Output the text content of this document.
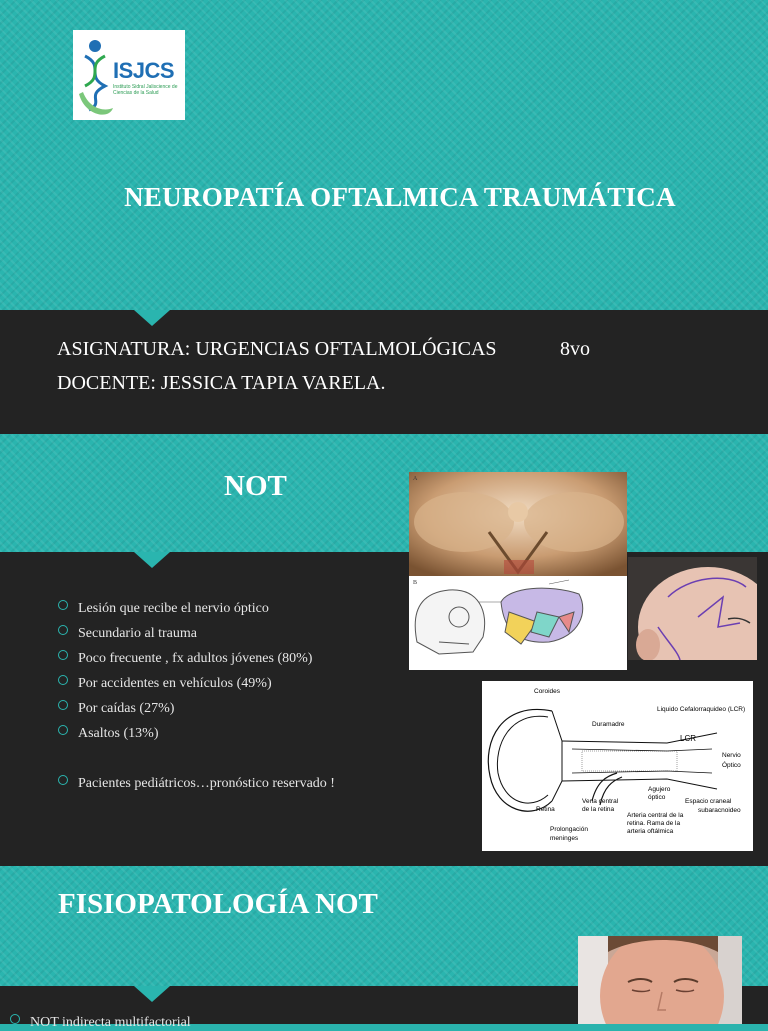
ISJCS
Instituto Sidral Jaliscience de Ciencias de la Salud
NEUROPATÍA OFTALMICA TRAUMÁTICA
ASIGNATURA: URGENCIAS OFTALMOLÓGICAS	8vo
DOCENTE: JESSICA TAPIA VARELA.
NOT
Lesión que recibe el nervio óptico
Secundario al trauma
Poco frecuente , fx adultos jóvenes (80%)
Por accidentes en vehículos (49%)
Por caídas (27%)
Asaltos (13%)
Pacientes pediátricos…pronóstico reservado !
A
B
Coroides
Liquido Cefalorraquideo (LCR)
Duramadre
LCR
Nervio
Óptico
Retina
Vena central
de la retina
Agujero
óptico
Espacio craneal
subaracnoideo
Arteria central de la
retina. Rama de la
arteria oftálmica
Prolongación
meninges
FISIOPATOLOGÍA NOT
NOT indirecta multifactorial
